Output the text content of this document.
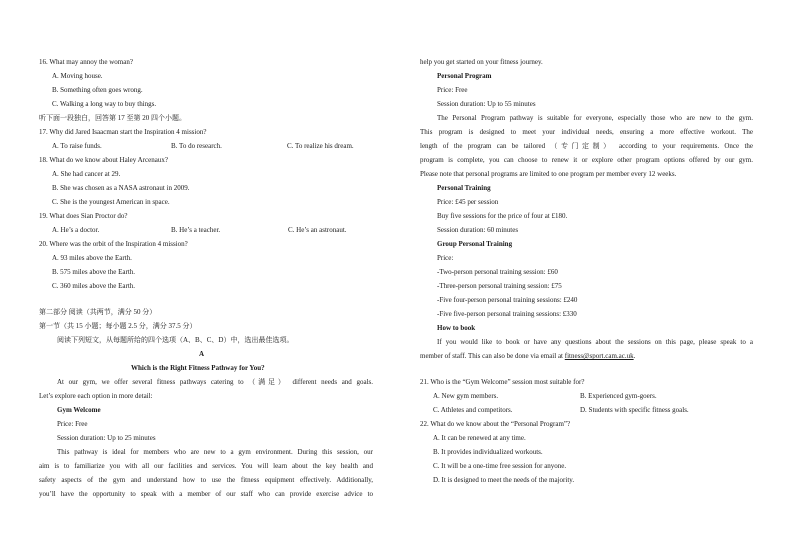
16. What may annoy the woman?
A. Moving house.
B. Something often goes wrong.
C. Walking a long way to buy things.
听下面一段独白，回答第 17 至第 20 四个小题。
17. Why did Jared Isaacman start the Inspiration 4 mission?
A. To raise funds.	B. To do research.	C. To realize his dream.
18. What do we know about Haley Arcenaux?
A. She had cancer at 29.
B. She was chosen as a NASA astronaut in 2009.
C. She is the youngest American in space.
19. What does Sian Proctor do?
A. He’s a doctor.	B. He’s a teacher.	C. He’s an astronaut.
20. Where was the orbit of the Inspiration 4 mission?
A. 93 miles above the Earth.
B. 575 miles above the Earth.
C. 360 miles above the Earth.
第二部分 阅读（共两节，满分 50 分）
第一节（共 15 小题；每小题 2.5 分，满分 37.5 分）
阅读下列短文，从每题所给的四个选项（A、B、C、D）中，选出最佳选项。
A
Which is the Right Fitness Pathway for You?
At our gym, we offer several fitness pathways catering to （满足） different needs and goals.
Let’s explore each option in more detail:
Gym Welcome
Price: Free
Session duration: Up to 25 minutes
This pathway is ideal for members who are new to a gym environment. During this session, our
aim is to familiarize you with all our facilities and services. You will learn about the key health and
safety aspects of the gym and understand how to use the fitness equipment effectively. Additionally,
you’ll have the opportunity to speak with a member of our staff who can provide exercise advice to
help you get started on your fitness journey.
Personal Program
Price: Free
Session duration: Up to 55 minutes
The Personal Program pathway is suitable for everyone, especially those who are new to the gym.
This program is designed to meet your individual needs, ensuring a more effective workout. The
length of the program can be tailored （专门定制） according to your requirements. Once the
program is complete, you can choose to renew it or explore other program options offered by our gym.
Please note that personal programs are limited to one program per member every 12 weeks.
Personal Training
Price: £45 per session
Buy five sessions for the price of four at £180.
Session duration: 60 minutes
Group Personal Training
Price:
-Two-person personal training session: £60
-Three-person personal training session: £75
-Five four-person personal training sessions: £240
-Five five-person personal training sessions: £330
How to book
If you would like to book or have any questions about the sessions on this page, please speak to a
member of staff. This can also be done via email at fitness@sport.cam.ac.uk.
21. Who is the “Gym Welcome” session most suitable for?
A. New gym members.	B. Experienced gym-goers.
C. Athletes and competitors.	D. Students with specific fitness goals.
22. What do we know about the “Personal Program”?
A. It can be renewed at any time.
B. It provides individualized workouts.
C. It will be a one-time free session for anyone.
D. It is designed to meet the needs of the majority.
